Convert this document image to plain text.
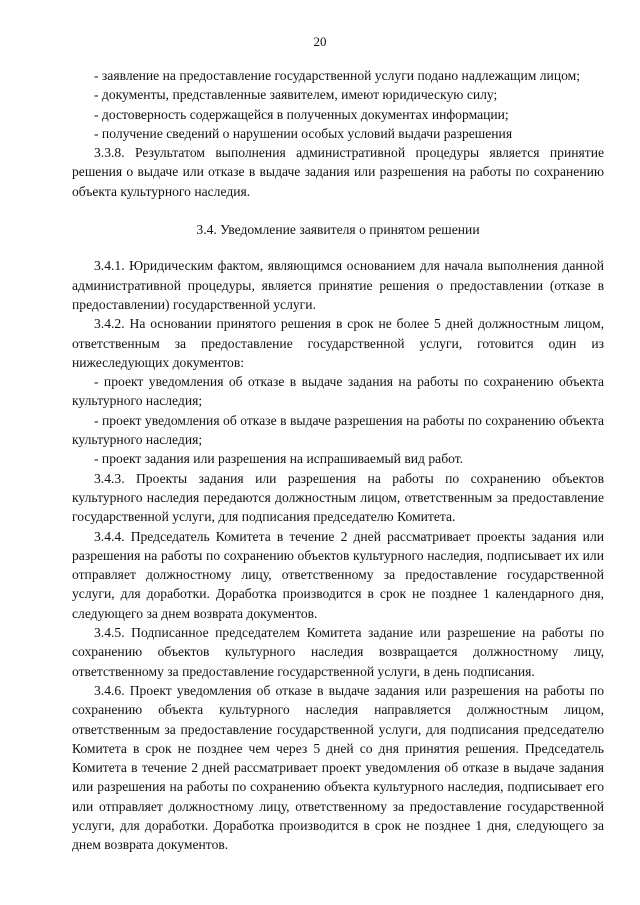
20

- заявление на предоставление государственной услуги подано надлежащим лицом;

- документы, представленные заявителем, имеют юридическую силу;

- достоверность содержащейся в полученных документах информации;

- получение сведений о нарушении особых условий выдачи разрешения

3.3.8. Результатом выполнения административной процедуры является принятие решения о выдаче или отказе в выдаче задания или разрешения на работы по сохранению объекта культурного наследия.

3.4. Уведомление заявителя о принятом решении

3.4.1. Юридическим фактом, являющимся основанием для начала выполнения данной административной процедуры, является принятие решения о предоставлении (отказе в предоставлении) государственной услуги.

3.4.2. На основании принятого решения в срок не более 5 дней должностным лицом, ответственным за предоставление государственной услуги, готовится один из нижеследующих документов:

- проект уведомления об отказе в выдаче задания на работы по сохранению объекта культурного наследия;

- проект уведомления об отказе в выдаче разрешения на работы по сохранению объекта культурного наследия;

- проект задания или разрешения на испрашиваемый вид работ.

3.4.3. Проекты задания или разрешения на работы по сохранению объектов культурного наследия передаются должностным лицом, ответственным за предоставление государственной услуги, для подписания председателю Комитета.

3.4.4. Председатель Комитета в течение 2 дней рассматривает проекты задания или разрешения на работы по сохранению объектов культурного наследия, подписывает их или отправляет должностному лицу, ответственному за предоставление государственной услуги, для доработки. Доработка производится в срок не позднее 1 календарного дня, следующего за днем возврата документов.

3.4.5. Подписанное председателем Комитета задание или разрешение на работы по сохранению объектов культурного наследия возвращается должностному лицу, ответственному за предоставление государственной услуги, в день подписания.

3.4.6. Проект уведомления об отказе в выдаче задания или разрешения на работы по сохранению объекта культурного наследия направляется должностным лицом, ответственным за предоставление государственной услуги, для подписания председателю Комитета в срок не позднее чем через 5 дней со дня принятия решения. Председатель Комитета в течение 2 дней рассматривает проект уведомления об отказе в выдаче задания или разрешения на работы по сохранению объекта культурного наследия, подписывает его или отправляет должностному лицу, ответственному за предоставление государственной услуги, для доработки. Доработка производится в срок не позднее 1 дня, следующего за днем возврата документов.
